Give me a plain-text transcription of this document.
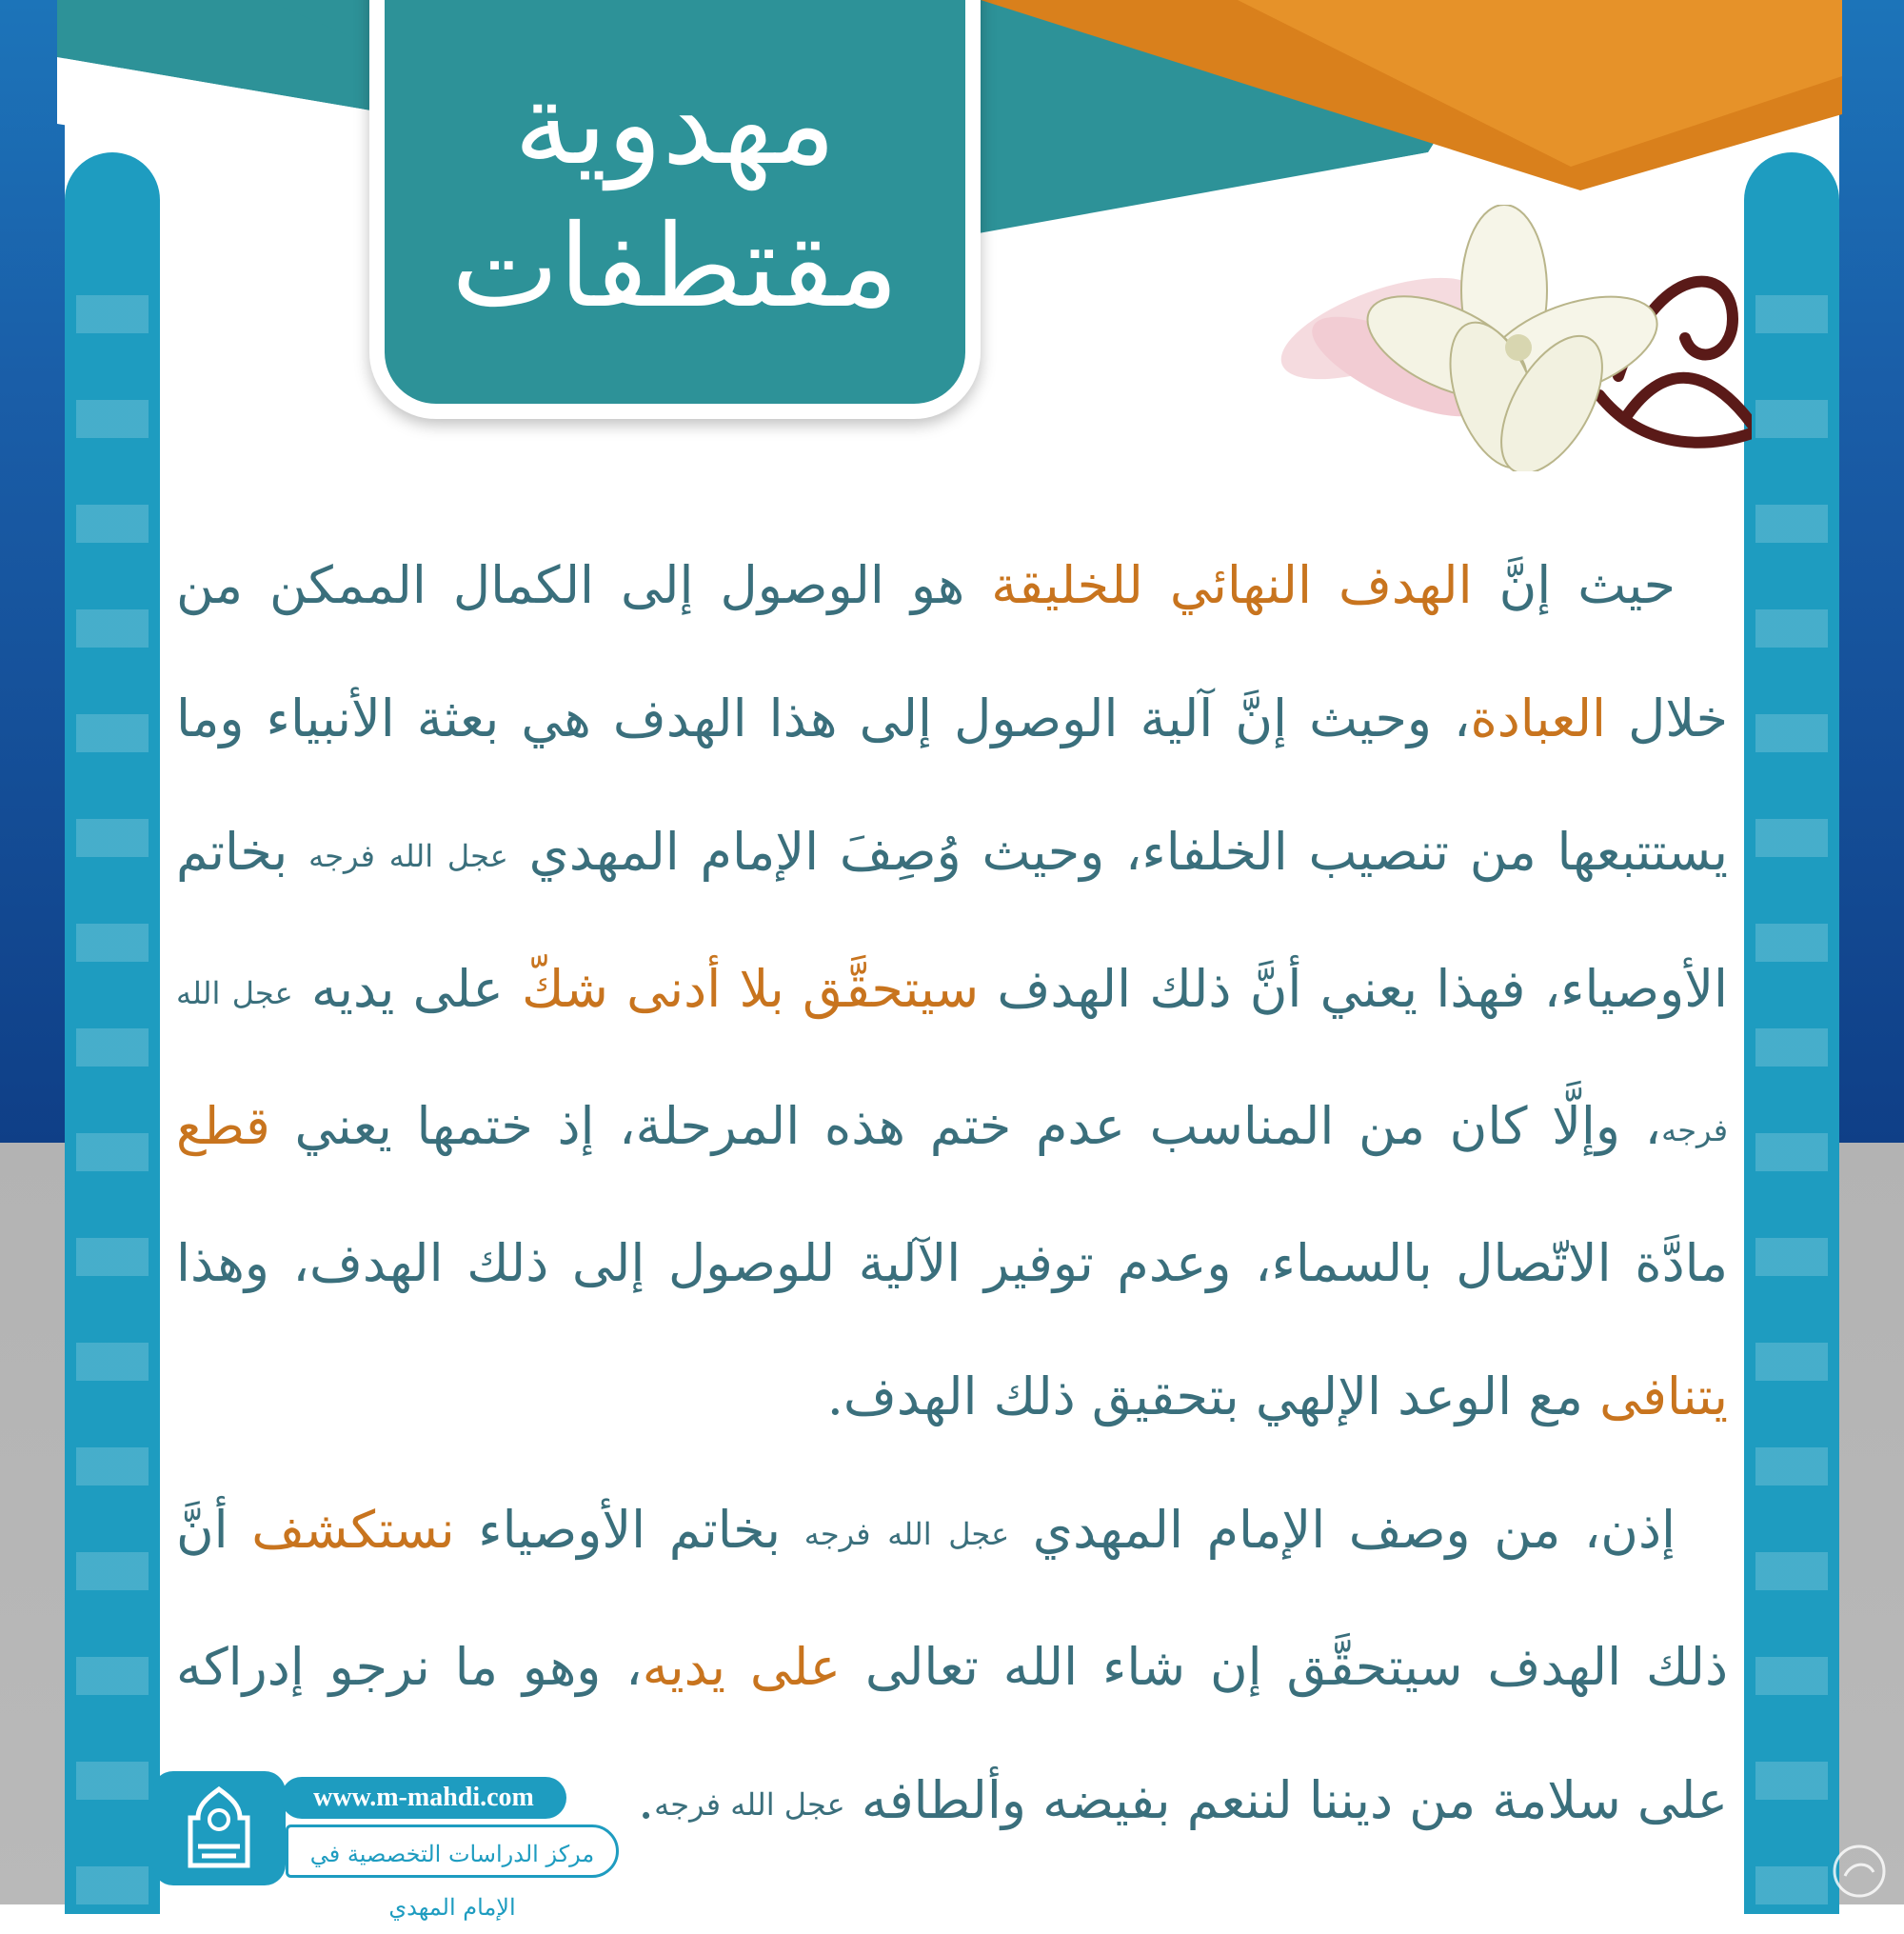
مهدوية مقتطفات

حيث إنَّ الهدف النهائي للخليقة هو الوصول إلى الكمال الممكن من خلال العبادة، وحيث إنَّ آلية الوصول إلى هذا الهدف هي بعثة الأنبياء وما يستتبعها من تنصيب الخلفاء، وحيث وُصِفَ الإمام المهدي عجل الله فرجه بخاتم الأوصياء، فهذا يعني أنَّ ذلك الهدف سيتحقَّق بلا أدنى شكّ على يديه عجل الله فرجه، وإلَّا كان من المناسب عدم ختم هذه المرحلة، إذ ختمها يعني قطع مادَّة الاتّصال بالسماء، وعدم توفير الآلية للوصول إلى ذلك الهدف، وهذا يتنافى مع الوعد الإلهي بتحقيق ذلك الهدف.

إذن، من وصف الإمام المهدي عجل الله فرجه بخاتم الأوصياء نستكشف أنَّ ذلك الهدف سيتحقَّق إن شاء الله تعالى على يديه، وهو ما نرجو إدراكه على سلامة من ديننا لننعم بفيضه وألطافه عجل الله فرجه.

www.m-mahdi.com
مركز الدراسات التخصصية في الإمام المهدي
